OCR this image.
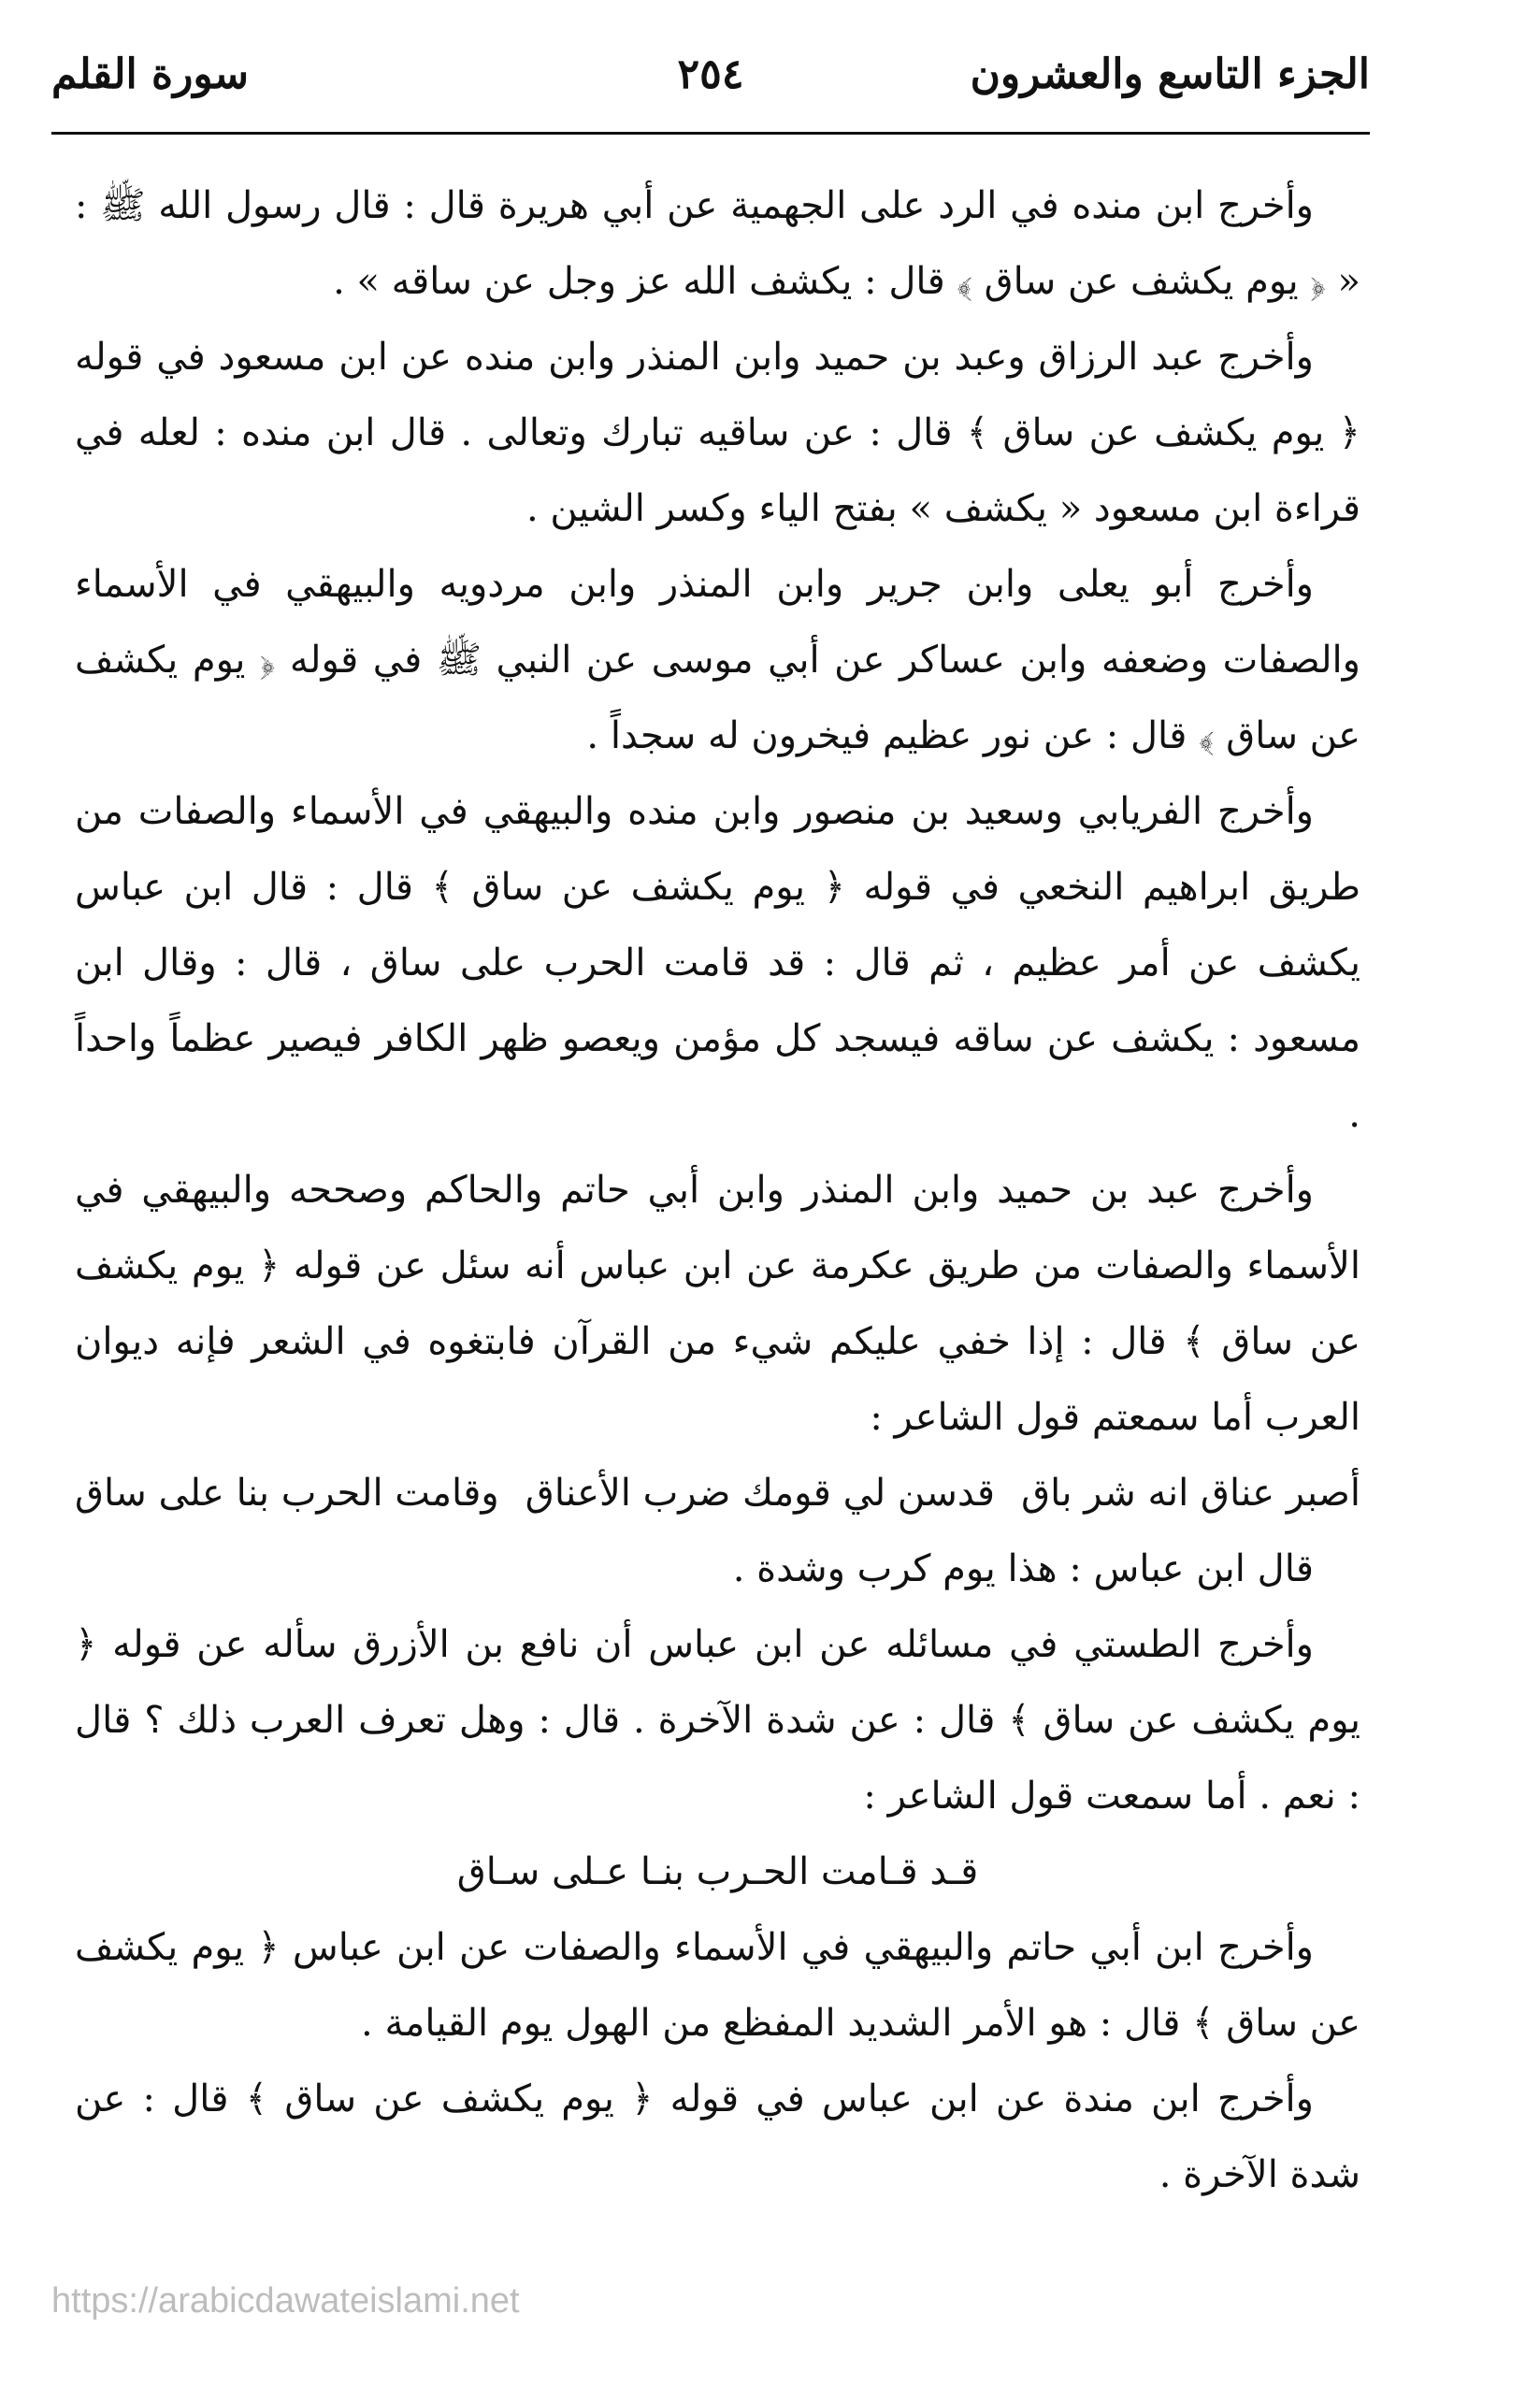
الجزء التاسع والعشرون
٢٥٤
سورة القلم

وأخرج ابن منده في الرد على الجهمية عن أبي هريرة قال : قال رسول الله ﷺ : « ﴿ يوم يكشف عن ساق ﴾ قال : يكشف الله عز وجل عن ساقه » .

وأخرج عبد الرزاق وعبد بن حميد وابن المنذر وابن منده عن ابن مسعود في قوله ﴿ يوم يكشف عن ساق ﴾ قال : عن ساقيه تبارك وتعالى . قال ابن منده : لعله في قراءة ابن مسعود « يكشف » بفتح الياء وكسر الشين .

وأخرج أبو يعلى وابن جرير وابن المنذر وابن مردويه والبيهقي في الأسماء والصفات وضعفه وابن عساكر عن أبي موسى عن النبي ﷺ في قوله ﴿ يوم يكشف عن ساق ﴾ قال : عن نور عظيم فيخرون له سجداً .

وأخرج الفريابي وسعيد بن منصور وابن منده والبيهقي في الأسماء والصفات من طريق ابراهيم النخعي في قوله ﴿ يوم يكشف عن ساق ﴾ قال : قال ابن عباس يكشف عن أمر عظيم ، ثم قال : قد قامت الحرب على ساق ، قال : وقال ابن مسعود : يكشف عن ساقه فيسجد كل مؤمن ويعصو ظهر الكافر فيصير عظماً واحداً .

وأخرج عبد بن حميد وابن المنذر وابن أبي حاتم والحاكم وصححه والبيهقي في الأسماء والصفات من طريق عكرمة عن ابن عباس أنه سئل عن قوله ﴿ يوم يكشف عن ساق ﴾ قال : إذا خفي عليكم شيء من القرآن فابتغوه في الشعر فإنه ديوان العرب أما سمعتم قول الشاعر :

أصبر عناق انه شر باق
قدسن لي قومك ضرب الأعناق
وقامت الحرب بنا على ساق

قال ابن عباس : هذا يوم كرب وشدة .

وأخرج الطستي في مسائله عن ابن عباس أن نافع بن الأزرق سأله عن قوله ﴿ يوم يكشف عن ساق ﴾ قال : عن شدة الآخرة . قال : وهل تعرف العرب ذلك ؟ قال : نعم . أما سمعت قول الشاعر :

قـد قـامت الحـرب بنـا عـلى سـاق

وأخرج ابن أبي حاتم والبيهقي في الأسماء والصفات عن ابن عباس ﴿ يوم يكشف عن ساق ﴾ قال : هو الأمر الشديد المفظع من الهول يوم القيامة .

وأخرج ابن مندة عن ابن عباس في قوله ﴿ يوم يكشف عن ساق ﴾ قال : عن شدة الآخرة .

https://arabicdawateislami.net
